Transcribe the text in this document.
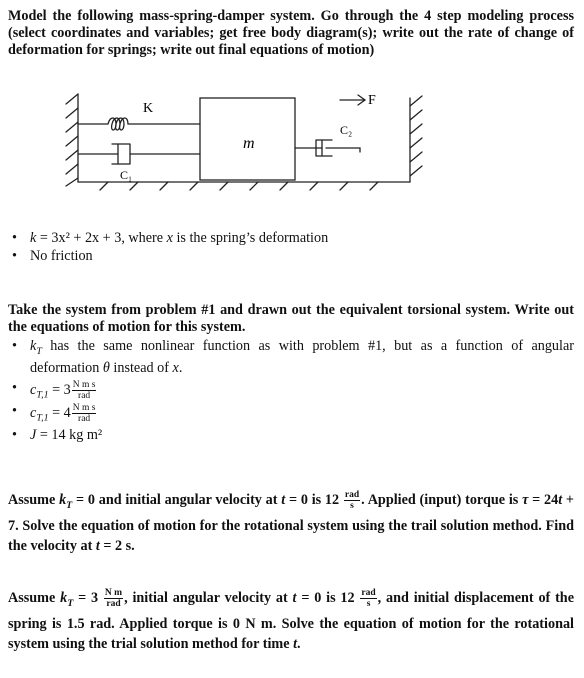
Model the following mass-spring-damper system. Go through the 4 step modeling process (select coordinates and variables; get free body diagram(s); write out the rate of change of deformation for springs; write out final equations of motion)
K
m
F
C₁
C₂
• k = 3x² + 2x + 3, where x is the spring’s deformation
• No friction
Take the system from problem #1 and drawn out the equivalent torsional system. Write out the equations of motion for this system.
• $k_T$ has the same nonlinear function as with problem #1, but as a function of angular deformation θ instead of x.
• $c_{T,1} = 3 \frac{\text{N m s}}{\text{rad}}$
• $c_{T,1} = 4 \frac{\text{N m s}}{\text{rad}}$
• J = 14 kg m²
Assume $k_T = 0$ and initial angular velocity at t = 0 is $12 \frac{\text{rad}}{s}$ . Applied (input) torque is τ = 24t + 7. Solve the equation of motion for the rotational system using the trail solution method. Find the velocity at t = 2 s.
Assume $k_T = 3 \frac{\text{N m}}{\text{rad}}$ , initial angular velocity at t = 0 is $12 \frac{\text{rad}}{s}$ , and initial displacement of the spring is 1.5 rad. Applied torque is 0 N m. Solve the equation of motion for the rotational system using the trial solution method for time t.
